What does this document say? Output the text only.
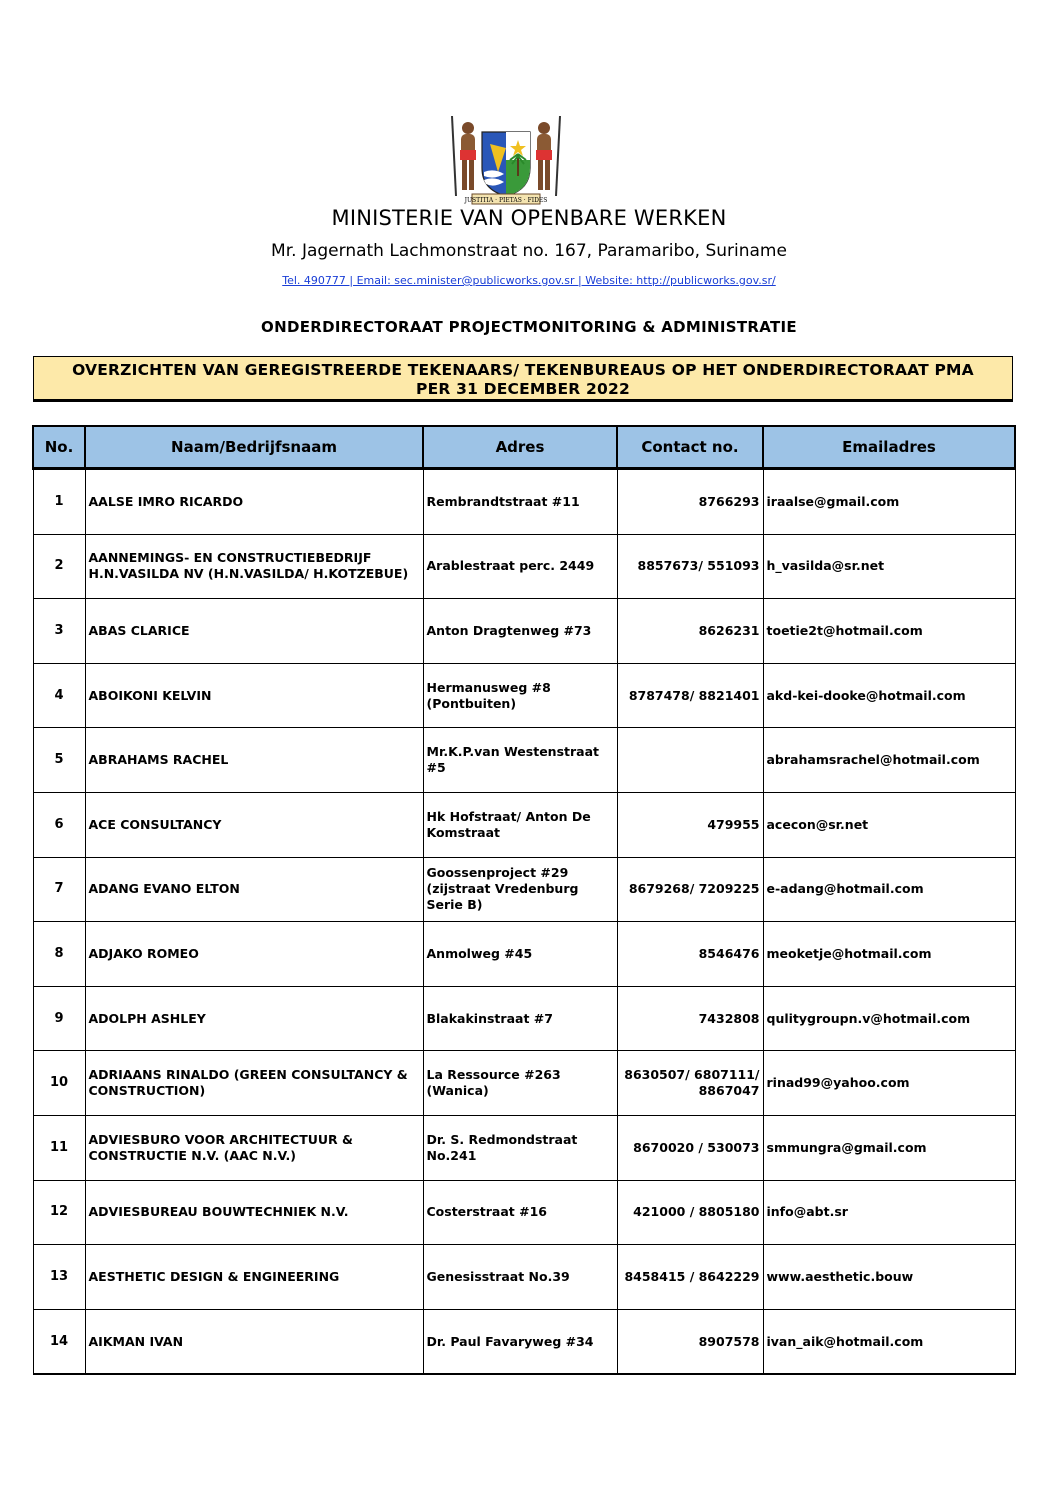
JUSTITIA · PIETAS · FIDES
MINISTERIE VAN OPENBARE WERKEN
Mr. Jagernath Lachmonstraat no. 167, Paramaribo, Suriname
Tel. 490777 | Email: sec.minister@publicworks.gov.sr | Website: http://publicworks.gov.sr/
ONDERDIRECTORAAT PROJECTMONITORING & ADMINISTRATIE
OVERZICHTEN VAN GEREGISTREERDE TEKENAARS/ TEKENBUREAUS OP HET ONDERDIRECTORAAT PMA
PER 31 DECEMBER 2022
No.	Naam/Bedrijfsnaam	Adres	Contact no.	Emailadres
1	AALSE IMRO RICARDO	Rembrandtstraat #11	8766293	iraalse@gmail.com
2	AANNEMINGS- EN CONSTRUCTIEBEDRIJF H.N.VASILDA NV (H.N.VASILDA/ H.KOTZEBUE)	Arablestraat perc. 2449	8857673/ 551093	h_vasilda@sr.net
3	ABAS CLARICE	Anton Dragtenweg #73	8626231	toetie2t@hotmail.com
4	ABOIKONI KELVIN	Hermanusweg #8 (Pontbuiten)	8787478/ 8821401	akd-kei-dooke@hotmail.com
5	ABRAHAMS RACHEL	Mr.K.P.van Westenstraat #5		abrahamsrachel@hotmail.com
6	ACE CONSULTANCY	Hk Hofstraat/ Anton De Komstraat	479955	acecon@sr.net
7	ADANG EVANO ELTON	Goossenproject #29 (zijstraat Vredenburg Serie B)	8679268/ 7209225	e-adang@hotmail.com
8	ADJAKO ROMEO	Anmolweg #45	8546476	meoketje@hotmail.com
9	ADOLPH ASHLEY	Blakakinstraat #7	7432808	qulitygroupn.v@hotmail.com
10	ADRIAANS RINALDO (GREEN CONSULTANCY & CONSTRUCTION)	La Ressource #263 (Wanica)	8630507/ 6807111/ 8867047	rinad99@yahoo.com
11	ADVIESBURO VOOR ARCHITECTUUR & CONSTRUCTIE N.V. (AAC N.V.)	Dr. S. Redmondstraat No.241	8670020 / 530073	smmungra@gmail.com
12	ADVIESBUREAU BOUWTECHNIEK N.V.	Costerstraat #16	421000 / 8805180	info@abt.sr
13	AESTHETIC DESIGN & ENGINEERING	Genesisstraat No.39	8458415 / 8642229	www.aesthetic.bouw
14	AIKMAN IVAN	Dr. Paul Favaryweg #34	8907578	ivan_aik@hotmail.com
